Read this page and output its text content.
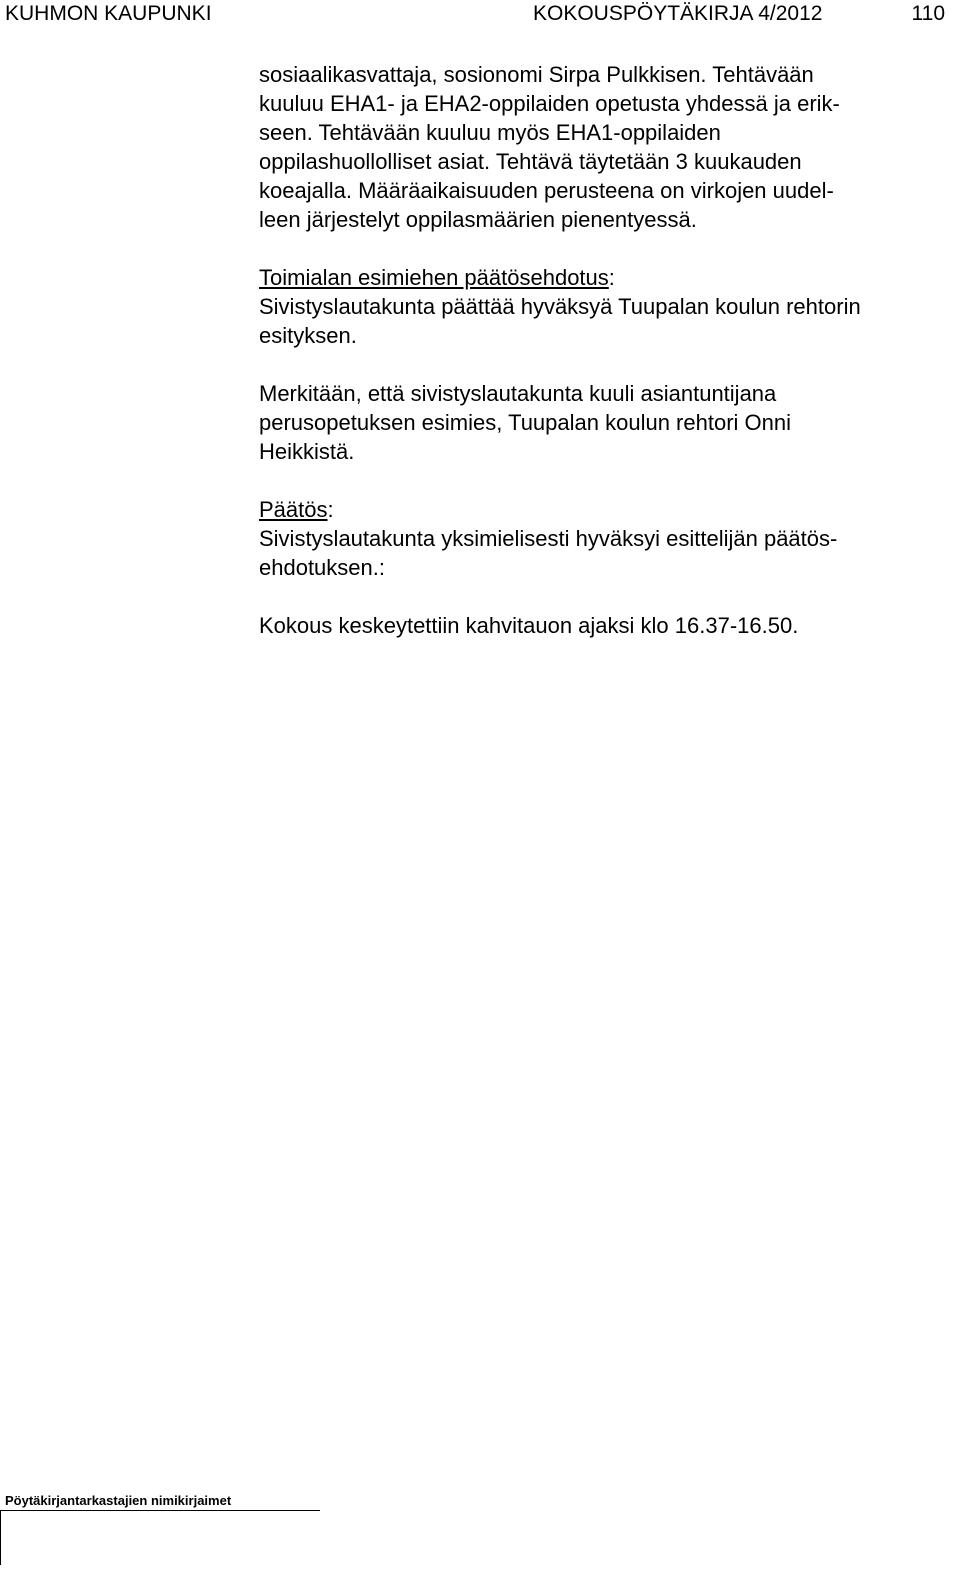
KUHMON KAUPUNKI	KOKOUSPÖYTÄKIRJA 4/2012	110
sosiaalikasvattaja, sosionomi Sirpa Pulkkisen. Tehtävään
kuuluu EHA1- ja EHA2-oppilaiden opetusta yhdessä ja erik-
seen. Tehtävään kuuluu myös EHA1-oppilaiden
oppilashuollolliset asiat. Tehtävä täytetään 3 kuukauden
koeajalla. Määräaikaisuuden perusteena on virkojen uudel-
leen järjestelyt oppilasmäärien pienentyessä.
Toimialan esimiehen päätösehdotus:
Sivistyslautakunta päättää hyväksyä Tuupalan koulun rehtorin
esityksen.
Merkitään, että sivistyslautakunta kuuli asiantuntijana
perusopetuksen esimies, Tuupalan koulun rehtori Onni
Heikkistä.
Päätös:
Sivistyslautakunta yksimielisesti hyväksyi esittelijän päätös-
ehdotuksen.:
Kokous keskeytettiin kahvitauon ajaksi klo 16.37-16.50.
Pöytäkirjantarkastajien nimikirjaimet
